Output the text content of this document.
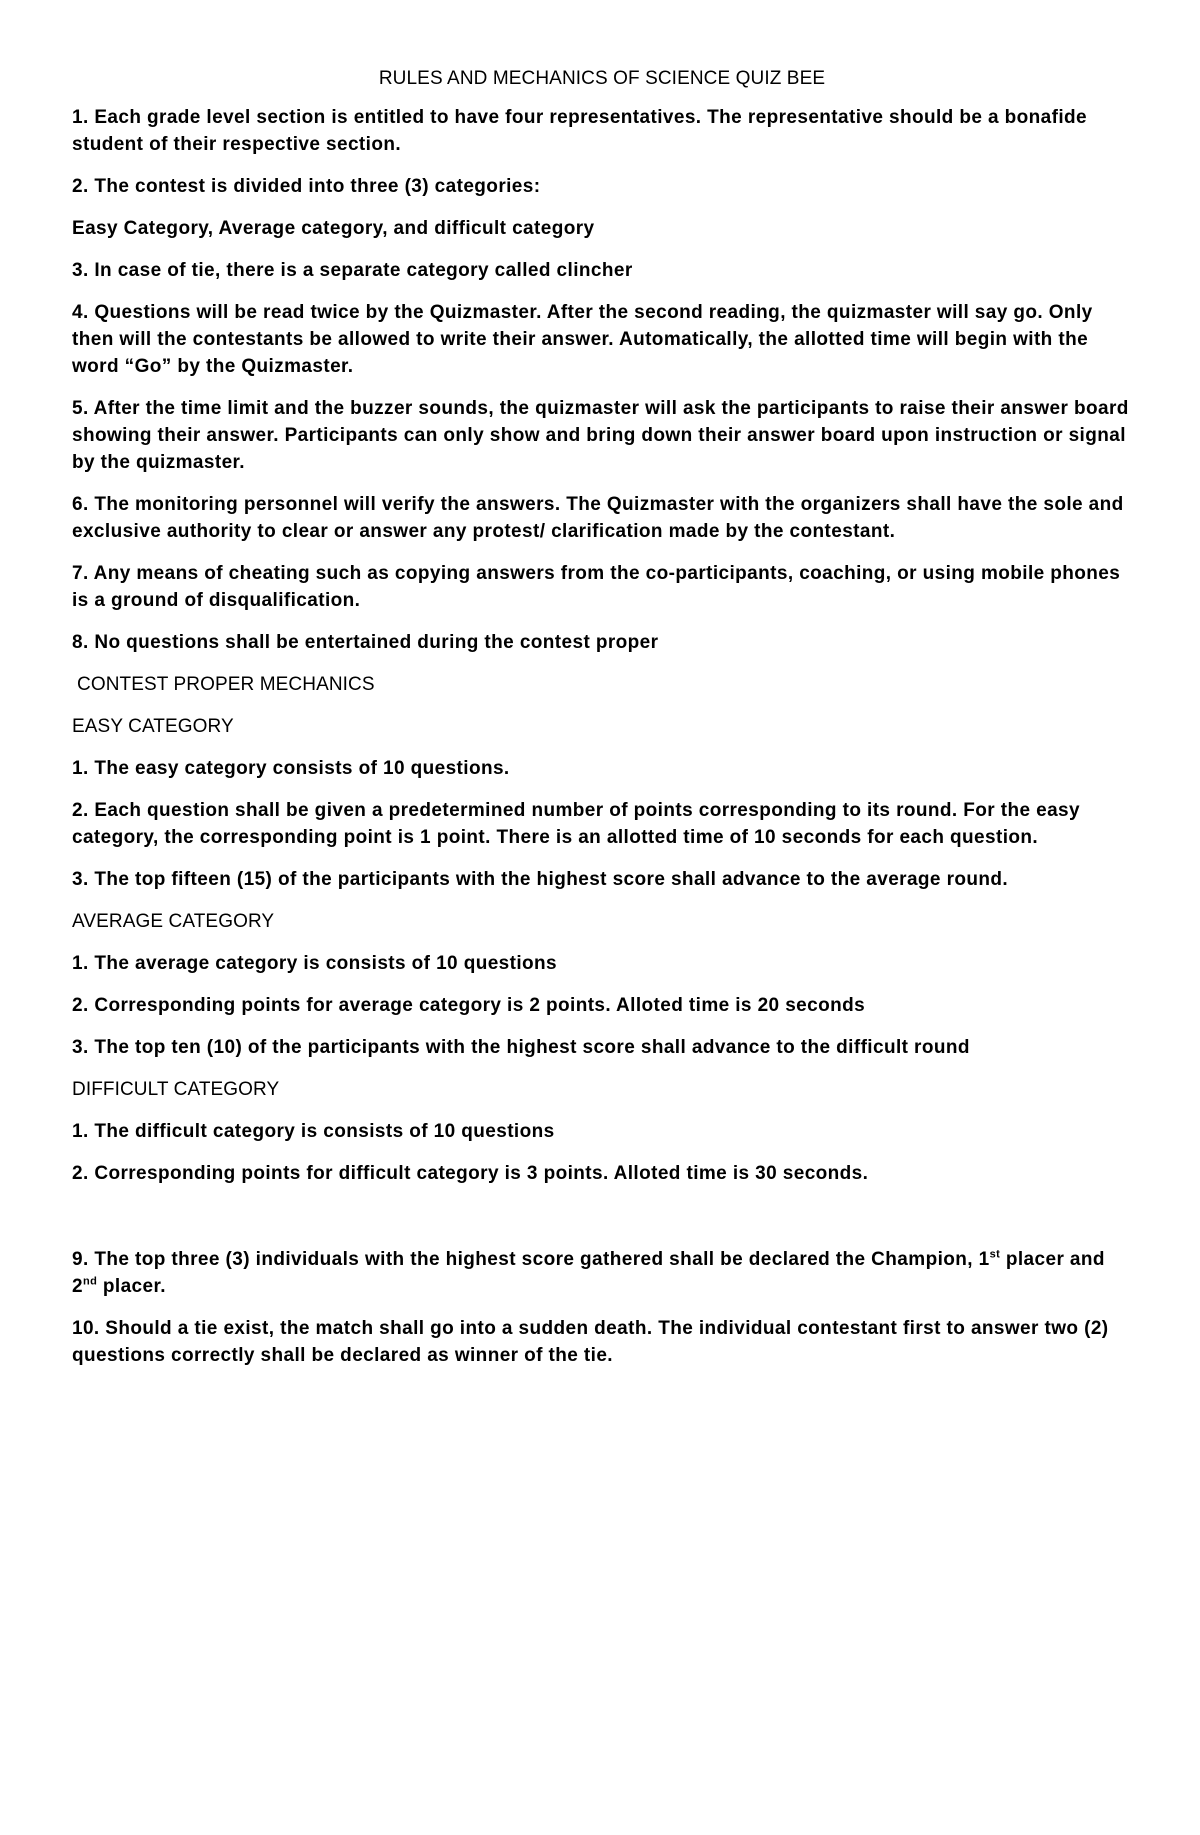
RULES AND MECHANICS OF SCIENCE QUIZ BEE

1. Each grade level section is entitled to have four representatives. The representative should be a bonafide student of their respective section.

2. The contest is divided into three (3) categories:

Easy Category, Average category, and difficult category

3. In case of tie, there is a separate category called clincher

4. Questions will be read twice by the Quizmaster. After the second reading, the quizmaster will say go. Only then will the contestants be allowed to write their answer. Automatically, the allotted time will begin with the word “Go” by the Quizmaster.

5. After the time limit and the buzzer sounds, the quizmaster will ask the participants to raise their answer board showing their answer. Participants can only show and bring down their answer board upon instruction or signal by the quizmaster.

6. The monitoring personnel will verify the answers. The Quizmaster with the organizers shall have the sole and exclusive authority to clear or answer any protest/ clarification made by the contestant.

7. Any means of cheating such as copying answers from the co-participants, coaching, or using mobile phones is a ground of disqualification.

8. No questions shall be entertained during the contest proper

CONTEST PROPER MECHANICS

EASY CATEGORY

1. The easy category consists of 10 questions.

2. Each question shall be given a predetermined number of points corresponding to its round. For the easy category, the corresponding point is 1 point. There is an allotted time of 10 seconds for each question.

3. The top fifteen (15) of the participants with the highest score shall advance to the average round.

AVERAGE CATEGORY

1. The average category is consists of 10 questions

2. Corresponding points for average category is 2 points. Alloted time is 20 seconds

3. The top ten (10) of the participants with the highest score shall advance to the difficult round

DIFFICULT CATEGORY

1. The difficult category is consists of 10 questions

2. Corresponding points for difficult category is 3 points. Alloted time is 30 seconds.

9. The top three (3) individuals with the highest score gathered shall be declared the Champion, 1st placer and 2nd placer.

10. Should a tie exist, the match shall go into a sudden death. The individual contestant first to answer two (2) questions correctly shall be declared as winner of the tie.
